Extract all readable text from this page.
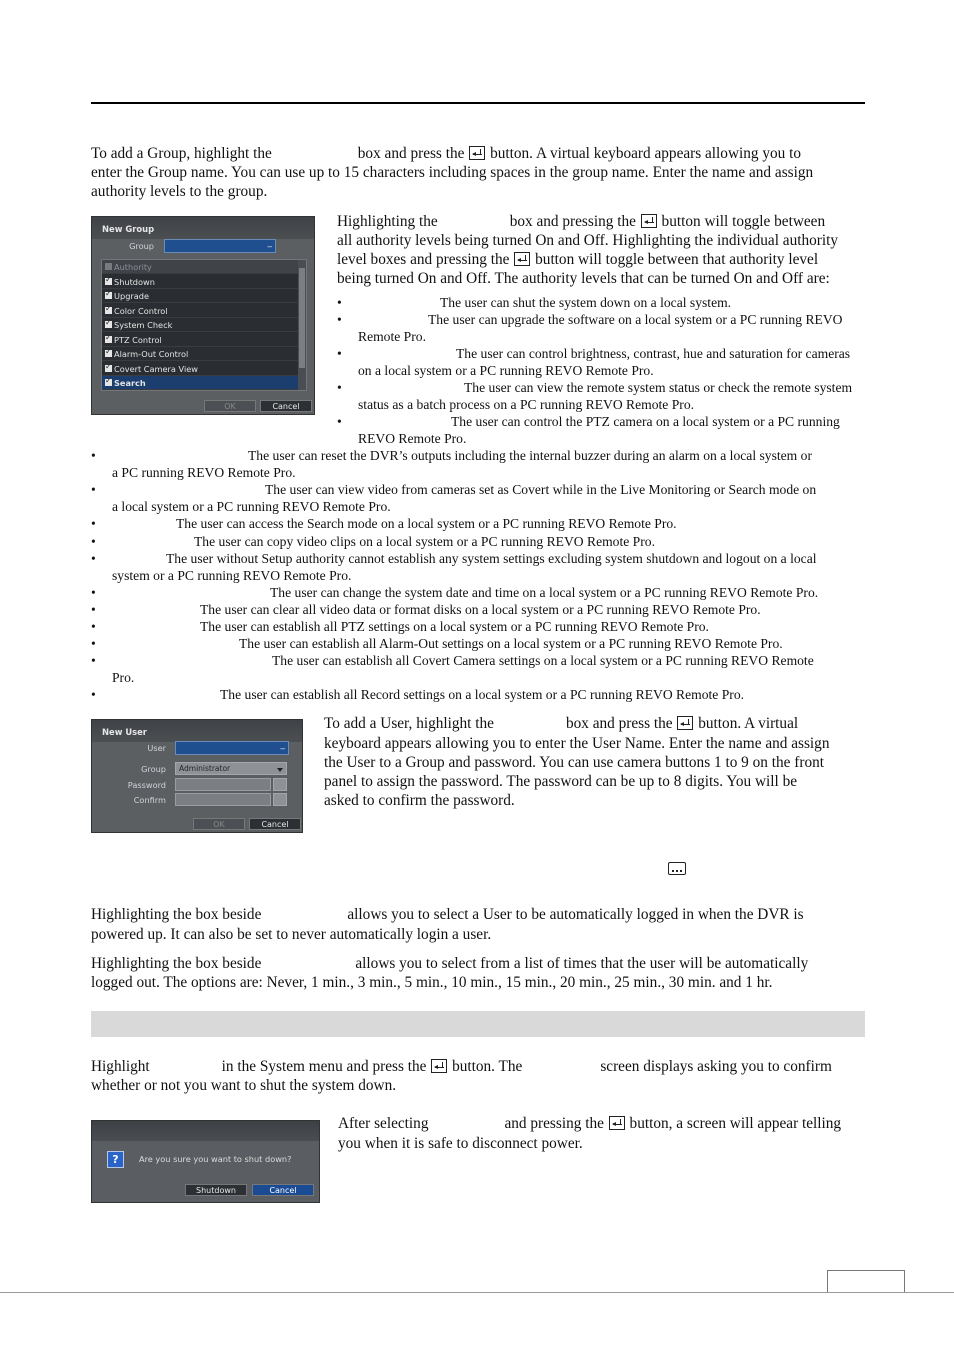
To add a Group, highlight the	box and press the button. A virtual keyboard appears allowing you to
enter the Group name. You can use up to 15 characters including spaces in the group name. Enter the name and assign
authority levels to the group.
New Group
Group	_
Authority
✓
Shutdown
✓
Upgrade
✓
Color Control
✓
System Check
✓
PTZ Control
✓
Alarm-Out Control
✓
Covert Camera View
✓
Search
OK	Cancel
Highlighting the	box and pressing the button will toggle between
all authority levels being turned On and Off. Highlighting the individual authority
level boxes and pressing the button will toggle between that authority level
being turned On and Off. The authority levels that can be turned On and Off are:
•	The user can shut the system down on a local system.
•	The user can upgrade the software on a local system or a PC running REVO
Remote Pro.
•	The user can control brightness, contrast, hue and saturation for cameras
on a local system or a PC running REVO Remote Pro.
•	The user can view the remote system status or check the remote system
status as a batch process on a PC running REVO Remote Pro.
•	The user can control the PTZ camera on a local system or a PC running
REVO Remote Pro.
•	The user can reset the DVR’s outputs including the internal buzzer during an alarm on a local system or
a PC running REVO Remote Pro.
•	The user can view video from cameras set as Covert while in the Live Monitoring or Search mode on
a local system or a PC running REVO Remote Pro.
•	The user can access the Search mode on a local system or a PC running REVO Remote Pro.
•	The user can copy video clips on a local system or a PC running REVO Remote Pro.
•	The user without Setup authority cannot establish any system settings excluding system shutdown and logout on a local
system or a PC running REVO Remote Pro.
•	The user can change the system date and time on a local system or a PC running REVO Remote Pro.
•	The user can clear all video data or format disks on a local system or a PC running REVO Remote Pro.
•	The user can establish all PTZ settings on a local system or a PC running REVO Remote Pro.
•	The user can establish all Alarm-Out settings on a local system or a PC running REVO Remote Pro.
•	The user can establish all Covert Camera settings on a local system or a PC running REVO Remote
Pro.
•	The user can establish all Record settings on a local system or a PC running REVO Remote Pro.
New User
User	_
Group Administrator
Password
Confirm
OK	Cancel
To add a User, highlight the	box and press the button. A virtual
keyboard appears allowing you to enter the User Name. Enter the name and assign
the User to a Group and password. You can use camera buttons 1 to 9 on the front
panel to assign the password. The password can be up to 8 digits. You will be
asked to confirm the password.
Highlighting the box beside	allows you to select a User to be automatically logged in when the DVR is
powered up. It can also be set to never automatically login a user.
Highlighting the box beside	allows you to select from a list of times that the user will be automatically
logged out. The options are: Never, 1 min., 3 min., 5 min., 10 min., 15 min., 20 min., 25 min., 30 min. and 1 hr.
Highlight	in the System menu and press the button. The	screen displays asking you to confirm
whether or not you want to shut the system down.
?	Are you sure you want to shut down?
Shutdown	Cancel
After selecting	and pressing the button, a screen will appear telling
you when it is safe to disconnect power.
